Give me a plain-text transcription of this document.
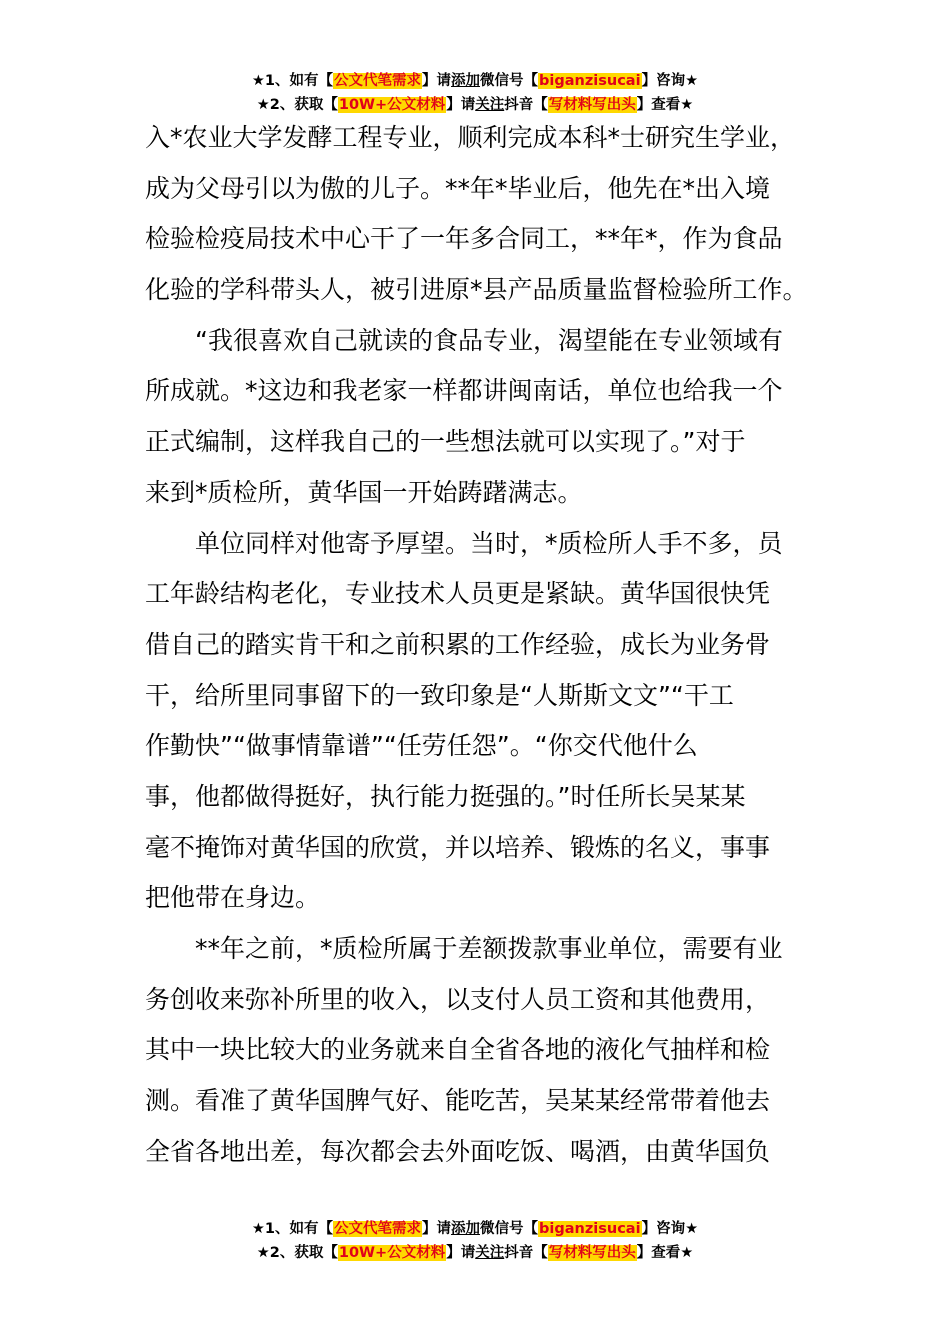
★1、如有【公文代笔需求】请添加微信号【biganzisucai】咨询★
★2、获取【10W+公文材料】请关注抖音【写材料写出头】查看★
入*农业大学发酵工程专业，顺利完成本科*士研究生学业，
成为父母引以为傲的儿子。**年*毕业后，他先在*出入境
检验检疫局技术中心干了一年多合同工，**年*，作为食品
化验的学科带头人，被引进原*县产品质量监督检验所工作。
　　“我很喜欢自己就读的食品专业，渴望能在专业领域有
所成就。*这边和我老家一样都讲闽南话，单位也给我一个
正式编制，这样我自己的一些想法就可以实现了。”对于
来到*质检所，黄华国一开始踌躇满志。
　　单位同样对他寄予厚望。当时，*质检所人手不多，员
工年龄结构老化，专业技术人员更是紧缺。黄华国很快凭
借自己的踏实肯干和之前积累的工作经验，成长为业务骨
干，给所里同事留下的一致印象是“人斯斯文文”“干工
作勤快”“做事情靠谱”“任劳任怨”。“你交代他什么
事，他都做得挺好，执行能力挺强的。”时任所长吴某某
毫不掩饰对黄华国的欣赏，并以培养、锻炼的名义，事事
把他带在身边。
　　**年之前，*质检所属于差额拨款事业单位，需要有业
务创收来弥补所里的收入，以支付人员工资和其他费用，
其中一块比较大的业务就来自全省各地的液化气抽样和检
测。看准了黄华国脾气好、能吃苦，吴某某经常带着他去
全省各地出差，每次都会去外面吃饭、喝酒，由黄华国负
★1、如有【公文代笔需求】请添加微信号【biganzisucai】咨询★
★2、获取【10W+公文材料】请关注抖音【写材料写出头】查看★
